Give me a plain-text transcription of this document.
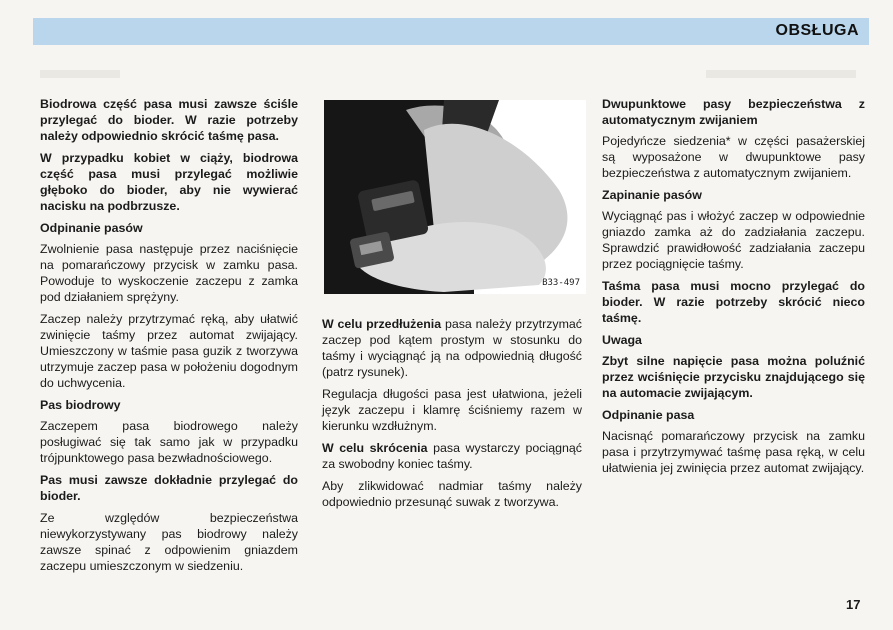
OBSŁUGA

Biodrowa część pasa musi zawsze ściśle przylegać do bioder. W razie potrzeby należy odpowiednio skrócić taśmę pasa.

W przypadku kobiet w ciąży, biodrowa część pasa musi przylegać możliwie głęboko do bioder, aby nie wywierać nacisku na podbrzusze.

Odpinanie pasów

Zwolnienie pasa następuje przez naciśnięcie na pomarańczowy przycisk w zamku pasa. Powoduje to wyskoczenie zaczepu z zamka pod działaniem sprężyny.

Zaczep należy przytrzymać ręką, aby ułatwić zwinięcie taśmy przez automat zwijający. Umieszczony w taśmie pasa guzik z tworzywa utrzymuje zaczep pasa w położeniu dogodnym do uchwycenia.

Pas biodrowy

Zaczepem pasa biodrowego należy posługiwać się tak samo jak w przypadku trójpunktowego pasa bezwładnościowego.

Pas musi zawsze dokładnie przylegać do bioder.

Ze względów bezpieczeństwa niewykorzystywany pas biodrowy należy zawsze spinać z odpowienim gniazdem zaczepu umieszczonym w siedzeniu.

B33-497

W celu przedłużenia pasa należy przytrzymać zaczep pod kątem prostym w stosunku do taśmy i wyciągnąć ją na odpowiednią długość (patrz rysunek).

Regulacja długości pasa jest ułatwiona, jeżeli język zaczepu i klamrę ściśniemy razem w kierunku wzdłużnym.

W celu skrócenia pasa wystarczy pociągnąć za swobodny koniec taśmy.

Aby zlikwidować nadmiar taśmy należy odpowiednio przesunąć suwak z tworzywa.

Dwupunktowe pasy bezpieczeństwa z automatycznym zwijaniem

Pojedyńcze siedzenia* w części pasażerskiej są wyposażone w dwupunktowe pasy bezpieczeństwa z automatycznym zwijaniem.

Zapinanie pasów

Wyciągnąć pas i włożyć zaczep w odpowiednie gniazdo zamka aż do zadziałania zaczepu. Sprawdzić prawidłowość zadziałania zaczepu przez pociągnięcie taśmy.

Taśma pasa musi mocno przylegać do bioder. W razie potrzeby skrócić nieco taśmę.

Uwaga

Zbyt silne napięcie pasa można poluźnić przez wciśnięcie przycisku znajdującego się na automacie zwijającym.

Odpinanie pasa

Nacisnąć pomarańczowy przycisk na zamku pasa i przytrzymywać taśmę pasa ręką, w celu ułatwienia jej zwinięcia przez automat zwijający.

17
